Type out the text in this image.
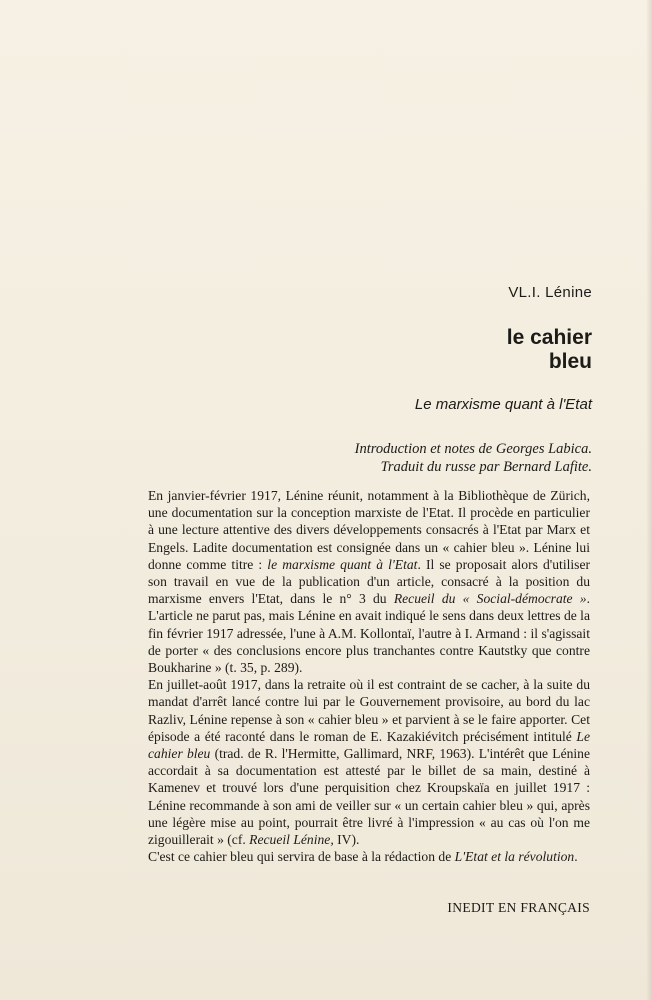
VL.I. Lénine
le cahier
bleu
Le marxisme quant à l'Etat
Introduction et notes de Georges Labica.
Traduit du russe par Bernard Lafite.

En janvier-février 1917, Lénine réunit, notamment à la Bibliothèque de Zürich, une documentation sur la conception marxiste de l'Etat. Il procède en particulier à une lecture attentive des divers développements consacrés à l'Etat par Marx et Engels. Ladite documentation est consignée dans un « cahier bleu ». Lénine lui donne comme titre : le marxisme quant à l'Etat. Il se proposait alors d'utiliser son travail en vue de la publication d'un article, consacré à la position du marxisme envers l'Etat, dans le n° 3 du Recueil du « Social-démocrate ». L'article ne parut pas, mais Lénine en avait indiqué le sens dans deux lettres de la fin février 1917 adressée, l'une à A.M. Kollontaï, l'autre à I. Armand : il s'agissait de porter « des conclusions encore plus tranchantes contre Kautstky que contre Boukharine » (t. 35, p. 289).

En juillet-août 1917, dans la retraite où il est contraint de se cacher, à la suite du mandat d'arrêt lancé contre lui par le Gouvernement provisoire, au bord du lac Razliv, Lénine repense à son « cahier bleu » et parvient à se le faire apporter. Cet épisode a été raconté dans le roman de E. Kazakiévitch précisément intitulé Le cahier bleu (trad. de R. l'Hermitte, Gallimard, NRF, 1963). L'intérêt que Lénine accordait à sa documentation est attesté par le billet de sa main, destiné à Kamenev et trouvé lors d'une perquisition chez Kroupskaïa en juillet 1917 : Lénine recommande à son ami de veiller sur « un certain cahier bleu » qui, après une légère mise au point, pourrait être livré à l'impression « au cas où l'on me zigouillerait » (cf. Recueil Lénine, IV).

C'est ce cahier bleu qui servira de base à la rédaction de L'Etat et la révolution.

INEDIT EN FRANÇAIS
